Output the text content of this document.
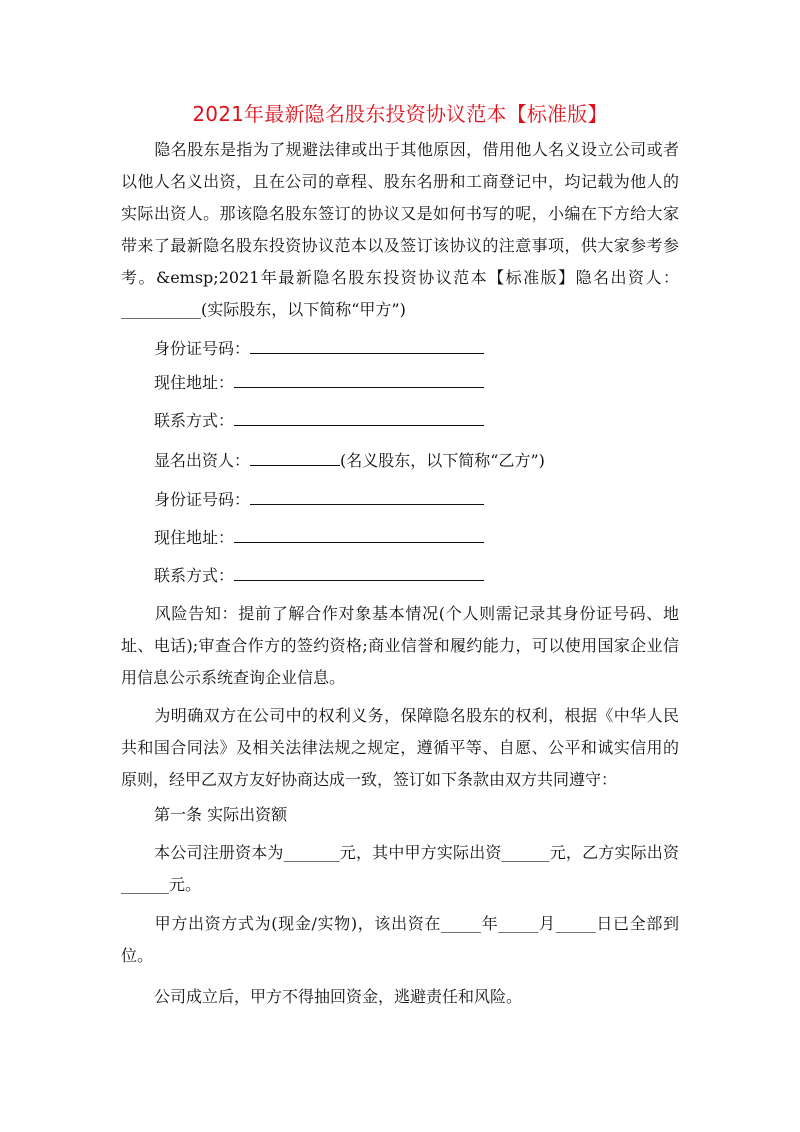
2021年最新隐名股东投资协议范本【标准版】

隐名股东是指为了规避法律或出于其他原因，借用他人名义设立公司或者以他人名义出资，且在公司的章程、股东名册和工商登记中，均记载为他人的实际出资人。那该隐名股东签订的协议又是如何书写的呢，小编在下方给大家带来了最新隐名股东投资协议范本以及签订该协议的注意事项，供大家参考参考。&emsp;2021年最新隐名股东投资协议范本【标准版】隐名出资人：__________(实际股东，以下简称“甲方”)

身份证号码：
现住地址：
联系方式：
显名出资人：	(名义股东，以下简称“乙方”)
身份证号码：
现住地址：
联系方式：

风险告知：提前了解合作对象基本情况(个人则需记录其身份证号码、地址、电话);审查合作方的签约资格;商业信誉和履约能力，可以使用国家企业信用信息公示系统查询企业信息。

为明确双方在公司中的权利义务，保障隐名股东的权利，根据《中华人民共和国合同法》及相关法律法规之规定，遵循平等、自愿、公平和诚实信用的原则，经甲乙双方友好协商达成一致，签订如下条款由双方共同遵守：

第一条 实际出资额

本公司注册资本为_______元，其中甲方实际出资______元，乙方实际出资______元。

甲方出资方式为(现金/实物)，该出资在_____年_____月_____日已全部到位。

公司成立后，甲方不得抽回资金，逃避责任和风险。
